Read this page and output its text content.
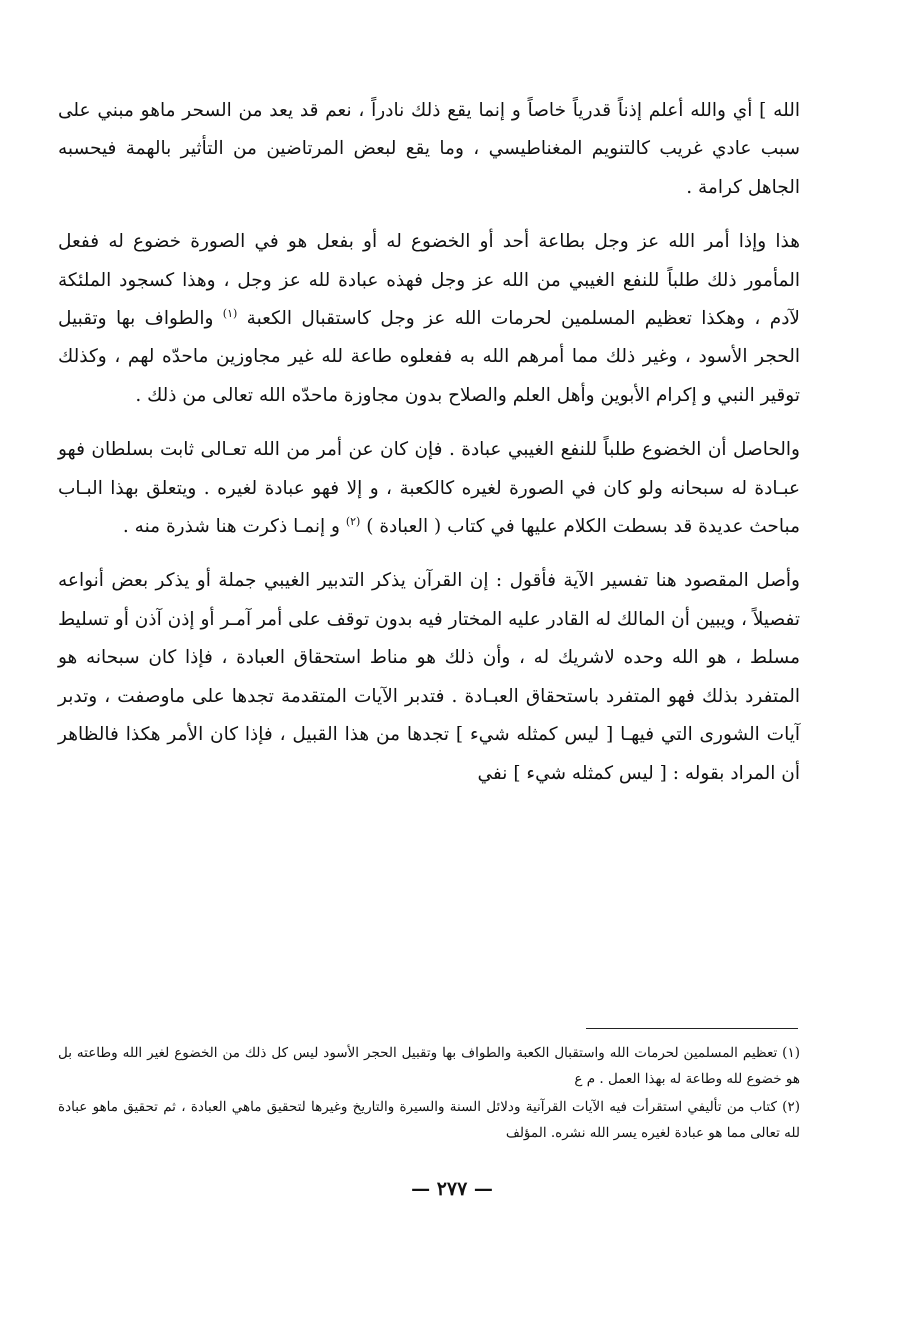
الله ] أي والله أعلم إذناً قدرياً خاصاً و إنما يقع ذلك نادراً ، نعم قد يعد من السحر ماهو مبني على سبب عادي غريب كالتنويم المغناطيسي ، وما يقع لبعض المرتاضين من التأثير بالهمة فيحسبه الجاهل كرامة .

هذا وإذا أمر الله عز وجل بطاعة أحد أو الخضوع له أو بفعل هو في الصورة خضوع له ففعل المأمور ذلك طلباً للنفع الغيبي من الله عز وجل فهذه عبادة لله عز وجل ، وهذا كسجود الملئكة لآدم ، وهكذا تعظيم المسلمين لحرمات الله عز وجل كاستقبال الكعبة $^{(١)}$ والطواف بها وتقبيل الحجر الأسود ، وغير ذلك مما أمرهم الله به ففعلوه طاعة لله غير مجاوزين ماحدّه لهم ، وكذلك توقير النبي و إكرام الأبوين وأهل العلم والصلاح بدون مجاوزة ماحدّه الله تعالى من ذلك .

والحاصل أن الخضوع طلباً للنفع الغيبي عبادة . فإن كان عن أمر من الله تعـالى ثابت بسلطان فهو عبـادة له سبحانه ولو كان في الصورة لغيره كالكعبة ، و إلا فهو عبادة لغيره . ويتعلق بهذا البـاب مباحث عديدة قد بسطت الكلام عليها في كتاب ( العبادة ) $^{(٢)}$ و إنمـا ذكرت هنا شذرة منه .

وأصل المقصود هنا تفسير الآية فأقول : إن القرآن يذكر التدبير الغيبي جملة أو يذكر بعض أنواعه تفصيلاً ، ويبين أن المالك له القادر عليه المختار فيه بدون توقف على أمر آمـر أو إذن آذن أو تسليط مسلط ، هو الله وحده لاشريك له ، وأن ذلك هو مناط استحقاق العبادة ، فإذا كان سبحانه هو المتفرد بذلك فهو المتفرد باستحقاق العبـادة . فتدبر الآيات المتقدمة تجدها على ماوصفت ، وتدبر آيات الشورى التي فيهـا [ ليس كمثله شيء ] تجدها من هذا القبيل ، فإذا كان الأمر هكذا فالظاهر أن المراد بقوله : [ ليس كمثله شيء ] نفي

(١) تعظيم المسلمين لحرمات الله واستقبال الكعبة والطواف بها وتقبيل الحجر الأسود ليس كل ذلك من الخضوع لغير الله وطاعته بل هو خضوع لله وطاعة له بهذا العمل . م ع

(٢) كتاب من تأليفي استقرأت فيه الآيات القرآنية ودلائل السنة والسيرة والتاريخ وغيرها لتحقيق ماهي العبادة ، ثم تحقيق ماهو عبادة لله تعالى مما هو عبادة لغيره يسر الله نشره. المؤلف

— ٢٧٧ —
